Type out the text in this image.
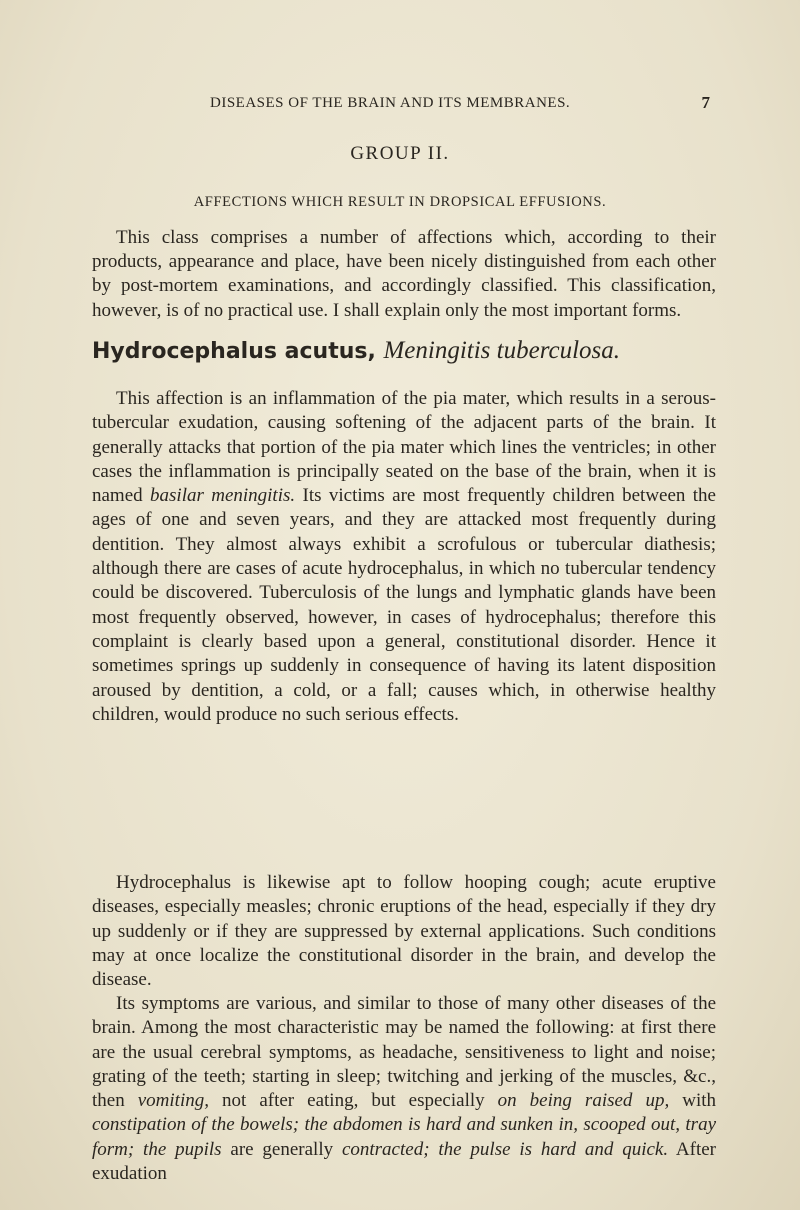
DISEASES OF THE BRAIN AND ITS MEMBRANES.	7
GROUP II.
AFFECTIONS WHICH RESULT IN DROPSICAL EFFUSIONS.

This class comprises a number of affections which, according to their products, appearance and place, have been nicely distinguished from each other by post-mortem examinations, and accordingly classified. This classification, however, is of no practical use. I shall explain only the most important forms.

Hydrocephalus acutus, Meningitis tuberculosa.

This affection is an inflammation of the pia mater, which results in a serous-tubercular exudation, causing softening of the adjacent parts of the brain. It generally attacks that portion of the pia mater which lines the ventricles; in other cases the inflammation is principally seated on the base of the brain, when it is named basilar meningitis. Its victims are most frequently children between the ages of one and seven years, and they are attacked most frequently during dentition. They almost always exhibit a scrofulous or tubercular diathesis; although there are cases of acute hydrocephalus, in which no tubercular tendency could be discovered. Tuberculosis of the lungs and lymphatic glands have been most frequently observed, however, in cases of hydrocephalus; therefore this complaint is clearly based upon a general, constitutional disorder. Hence it sometimes springs up suddenly in consequence of having its latent disposition aroused by dentition, a cold, or a fall; causes which, in otherwise healthy children, would produce no such serious effects.

Hydrocephalus is likewise apt to follow hooping cough; acute eruptive diseases, especially measles; chronic eruptions of the head, especially if they dry up suddenly or if they are suppressed by external applications. Such conditions may at once localize the constitutional disorder in the brain, and develop the disease.

Its symptoms are various, and similar to those of many other diseases of the brain. Among the most characteristic may be named the following: at first there are the usual cerebral symptoms, as headache, sensitiveness to light and noise; grating of the teeth; starting in sleep; twitching and jerking of the muscles, &c., then vomiting, not after eating, but especially on being raised up, with constipation of the bowels; the abdomen is hard and sunken in, scooped out, tray form; the pupils are generally contracted; the pulse is hard and quick. After exudation
